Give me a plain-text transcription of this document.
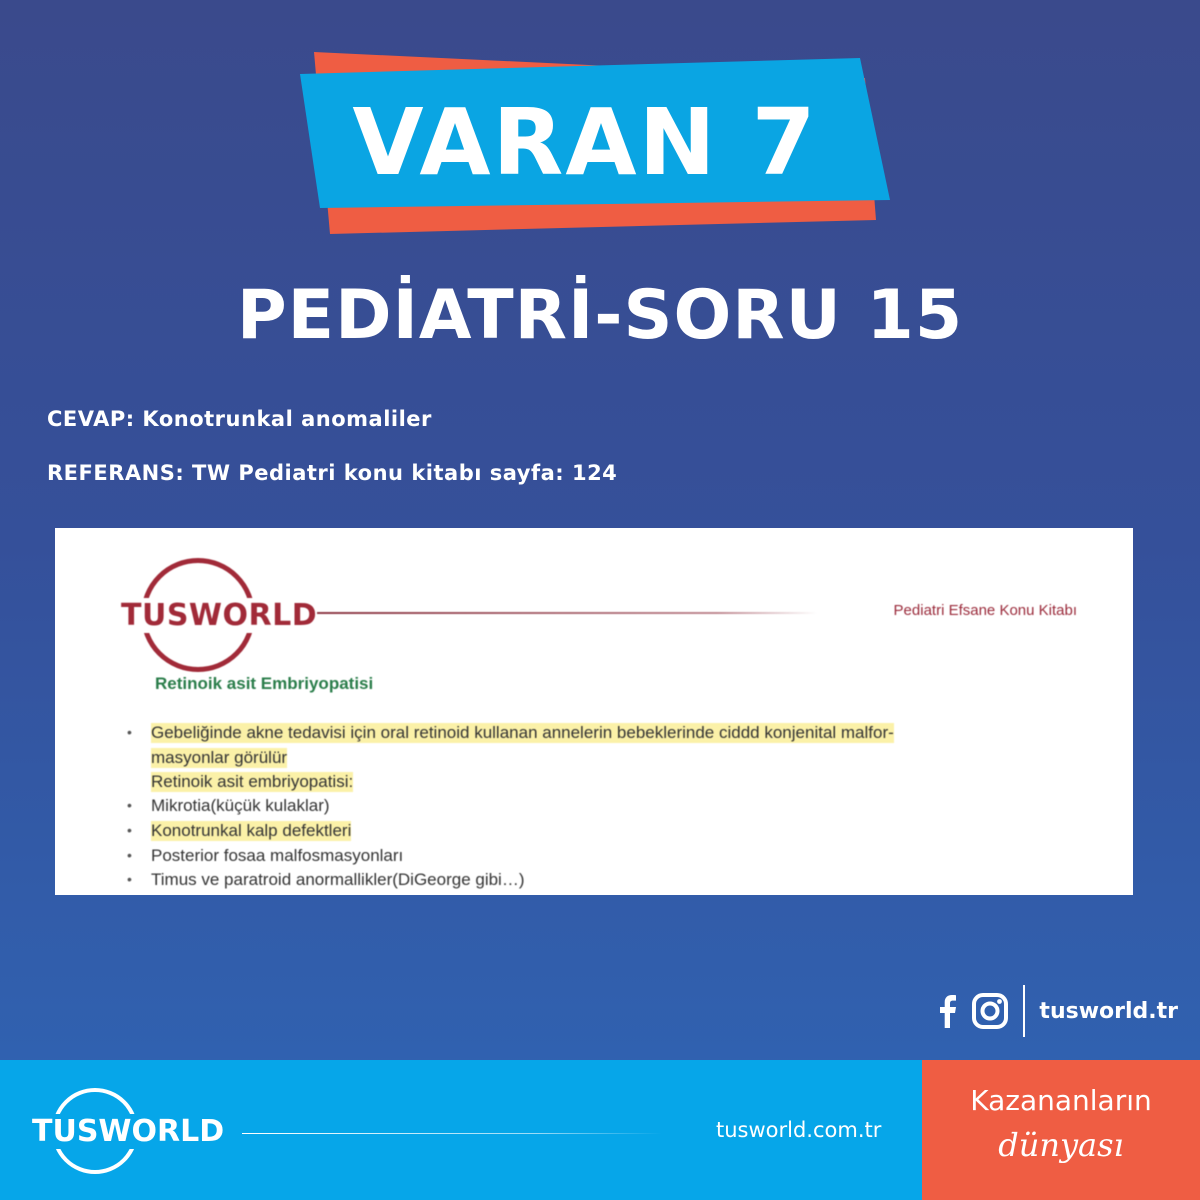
VARAN 7
PEDİATRİ-SORU 15
CEVAP: Konotrunkal anomaliler
REFERANS: TW Pediatri konu kitabı sayfa: 124
TUSWORLD	Pediatri Efsane Konu Kitabı
Retinoik asit Embriyopatisi
• Gebeliğinde akne tedavisi için oral retinoid kullanan annelerin bebeklerinde ciddd konjenital malfor-
masyonlar görülür
Retinoik asit embriyopatisi:
• Mikrotia(küçük kulaklar)
• Konotrunkal kalp defektleri
• Posterior fosaa malfosmasyonları
• Timus ve paratroid anormallikler(DiGeorge gibi…)
tusworld.tr
TUSWORLD	tusworld.com.tr
Kazananların
dünyası
